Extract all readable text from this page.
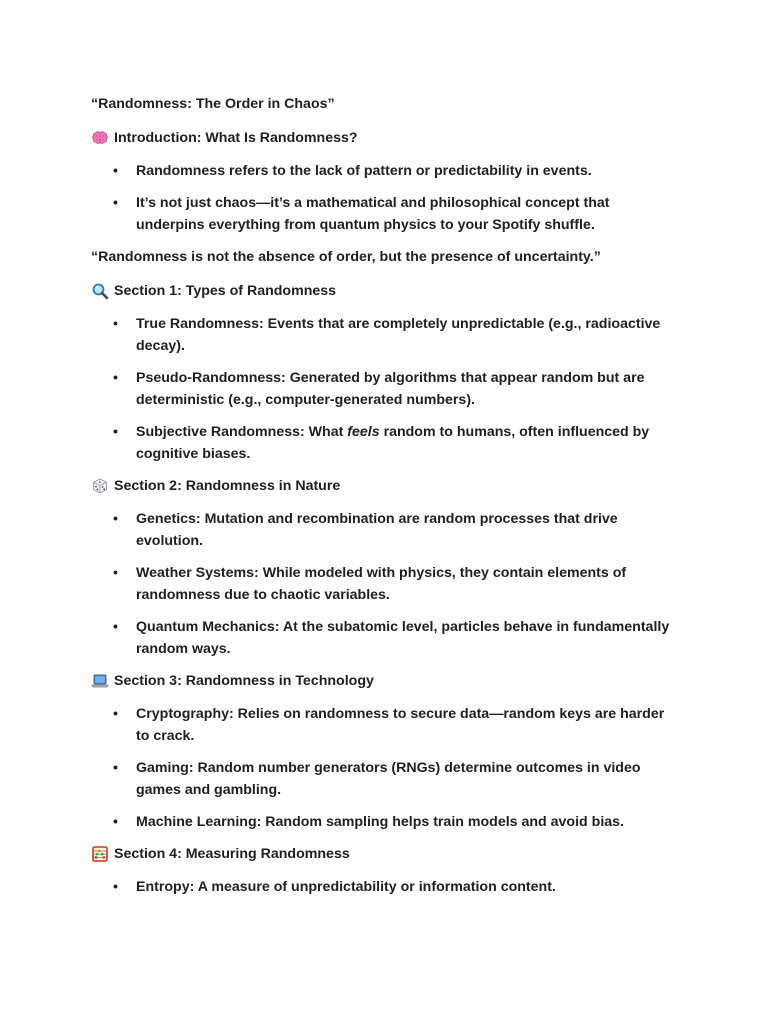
“Randomness: The Order in Chaos”

Introduction: What Is Randomness?
• Randomness refers to the lack of pattern or predictability in events.
• It’s not just chaos—it’s a mathematical and philosophical concept that underpins everything from quantum physics to your Spotify shuffle.

“Randomness is not the absence of order, but the presence of uncertainty.”

Section 1: Types of Randomness
• True Randomness: Events that are completely unpredictable (e.g., radioactive decay).
• Pseudo-Randomness: Generated by algorithms that appear random but are deterministic (e.g., computer-generated numbers).
• Subjective Randomness: What feels random to humans, often influenced by cognitive biases.
Section 2: Randomness in Nature
• Genetics: Mutation and recombination are random processes that drive evolution.
• Weather Systems: While modeled with physics, they contain elements of randomness due to chaotic variables.
• Quantum Mechanics: At the subatomic level, particles behave in fundamentally random ways.
Section 3: Randomness in Technology
• Cryptography: Relies on randomness to secure data—random keys are harder to crack.
• Gaming: Random number generators (RNGs) determine outcomes in video games and gambling.
• Machine Learning: Random sampling helps train models and avoid bias.
Section 4: Measuring Randomness
• Entropy: A measure of unpredictability or information content.
